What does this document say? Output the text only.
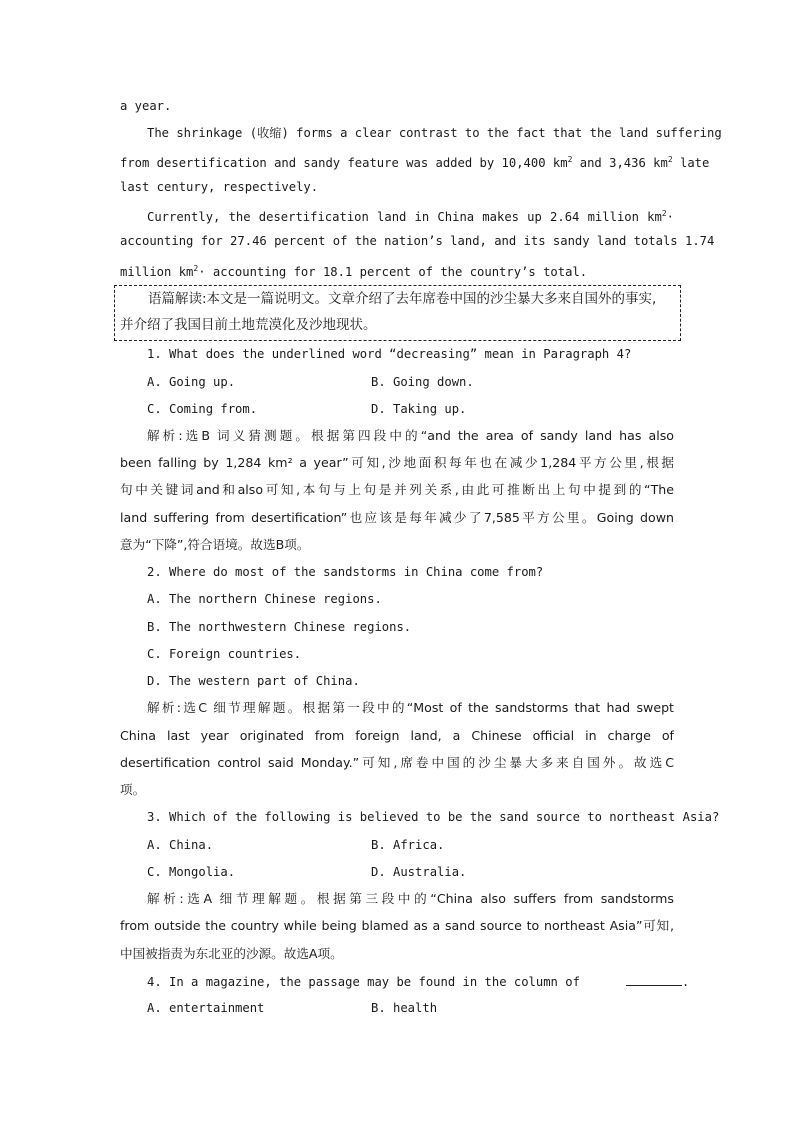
a year.
The shrinkage (收缩) forms a clear contrast to the fact that the land suffering
from desertification and sandy feature was added by 10,400 $km^2$ and 3,436 $km^2$ late
last century, respectively.
Currently, the desertification land in China makes up 2.64 million $km^2\cdot$
accounting for 27.46 percent of the nation’s land, and its sandy land totals 1.74
million $km^2\cdot$ accounting for 18.1 percent of the country’s total.
语篇解读:本文是一篇说明文。文章介绍了去年席卷中国的沙尘暴大多来自国外的事实,
并介绍了我国目前土地荒漠化及沙地现状。
1. What does the underlined word “decreasing” mean in Paragraph 4?
A. Going up.	B. Going down.
C. Coming from.	D. Taking up.
解析:选B 词义猜测题。根据第四段中的“and the area of sandy land has also
been falling by 1,284 km² a year”可知,沙地面积每年也在减少1,284平方公里,根据
句中关键词and和also可知,本句与上句是并列关系,由此可推断出上句中提到的“The
land suffering from desertification”也应该是每年减少了7,585平方公里。Going down
意为“下降”,符合语境。故选B项。
2. Where do most of the sandstorms in China come from?
A. The northern Chinese regions.
B. The northwestern Chinese regions.
C. Foreign countries.
D. The western part of China.
解析:选C 细节理解题。根据第一段中的“Most of the sandstorms that had swept
China last year originated from foreign land, a Chinese official in charge of
desertification control said Monday.”可知,席卷中国的沙尘暴大多来自国外。故选C
项。
3. Which of the following is believed to be the sand source to northeast Asia?
A. China.	B. Africa.
C. Mongolia.	D. Australia.
解析:选A 细节理解题。根据第三段中的“China also suffers from sandstorms
from outside the country while being blamed as a sand source to northeast Asia”可知,
中国被指责为东北亚的沙源。故选A项。
4. In a magazine, the passage may be found in the column of	.
A. entertainment	B. health
